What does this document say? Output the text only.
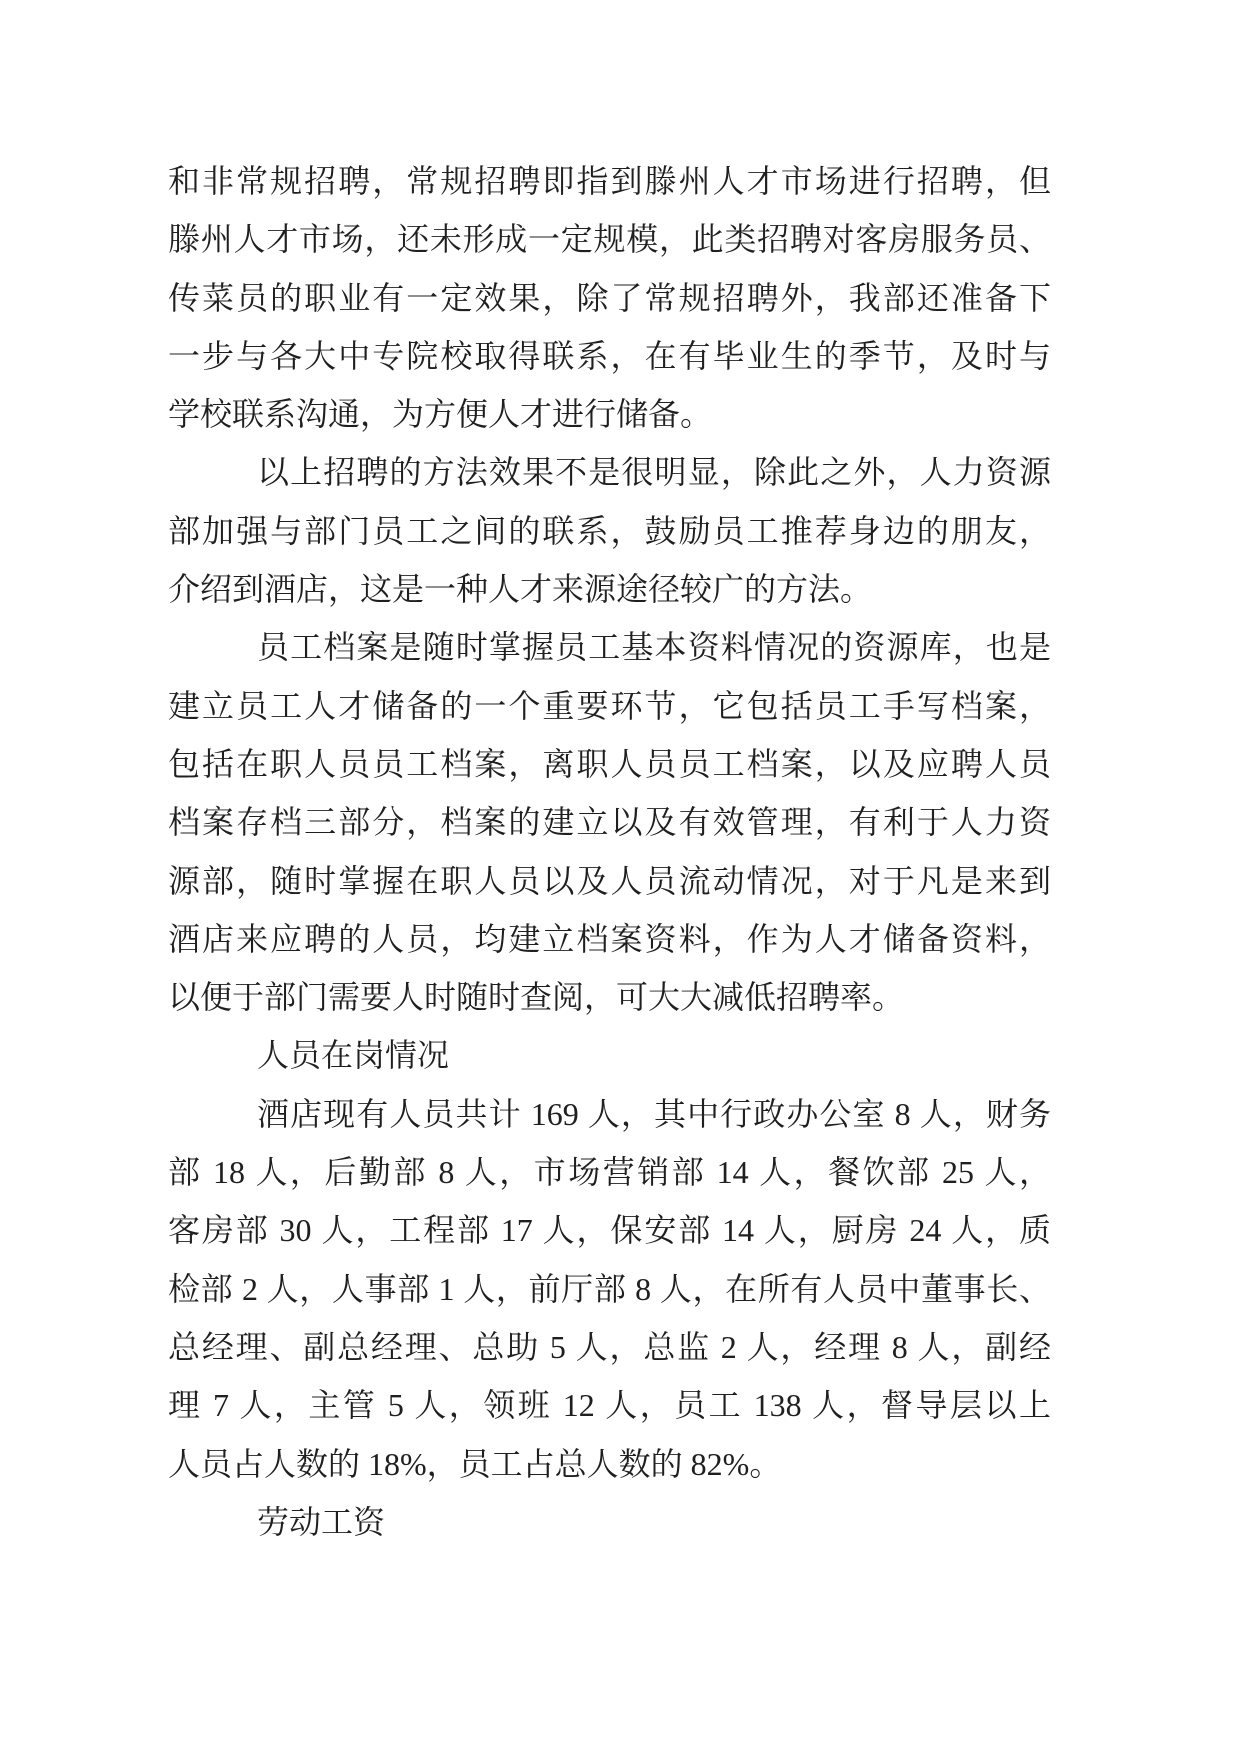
和非常规招聘，常规招聘即指到滕州人才市场进行招聘，但
滕州人才市场，还未形成一定规模，此类招聘对客房服务员、
传菜员的职业有一定效果，除了常规招聘外，我部还准备下
一步与各大中专院校取得联系，在有毕业生的季节，及时与
学校联系沟通，为方便人才进行储备。
以上招聘的方法效果不是很明显，除此之外，人力资源
部加强与部门员工之间的联系，鼓励员工推荐身边的朋友，
介绍到酒店，这是一种人才来源途径较广的方法。
员工档案是随时掌握员工基本资料情况的资源库，也是
建立员工人才储备的一个重要环节，它包括员工手写档案，
包括在职人员员工档案，离职人员员工档案，以及应聘人员
档案存档三部分，档案的建立以及有效管理，有利于人力资
源部，随时掌握在职人员以及人员流动情况，对于凡是来到
酒店来应聘的人员，均建立档案资料，作为人才储备资料，
以便于部门需要人时随时查阅，可大大减低招聘率。
人员在岗情况
酒店现有人员共计 169 人，其中行政办公室 8 人，财务
部 18 人，后勤部 8 人，市场营销部 14 人，餐饮部 25 人，
客房部 30 人，工程部 17 人，保安部 14 人，厨房 24 人，质
检部 2 人，人事部 1 人，前厅部 8 人，在所有人员中董事长、
总经理、副总经理、总助 5 人，总监 2 人，经理 8 人，副经
理 7 人，主管 5 人，领班 12 人，员工 138 人，督导层以上
人员占人数的 18%，员工占总人数的 82%。
劳动工资
